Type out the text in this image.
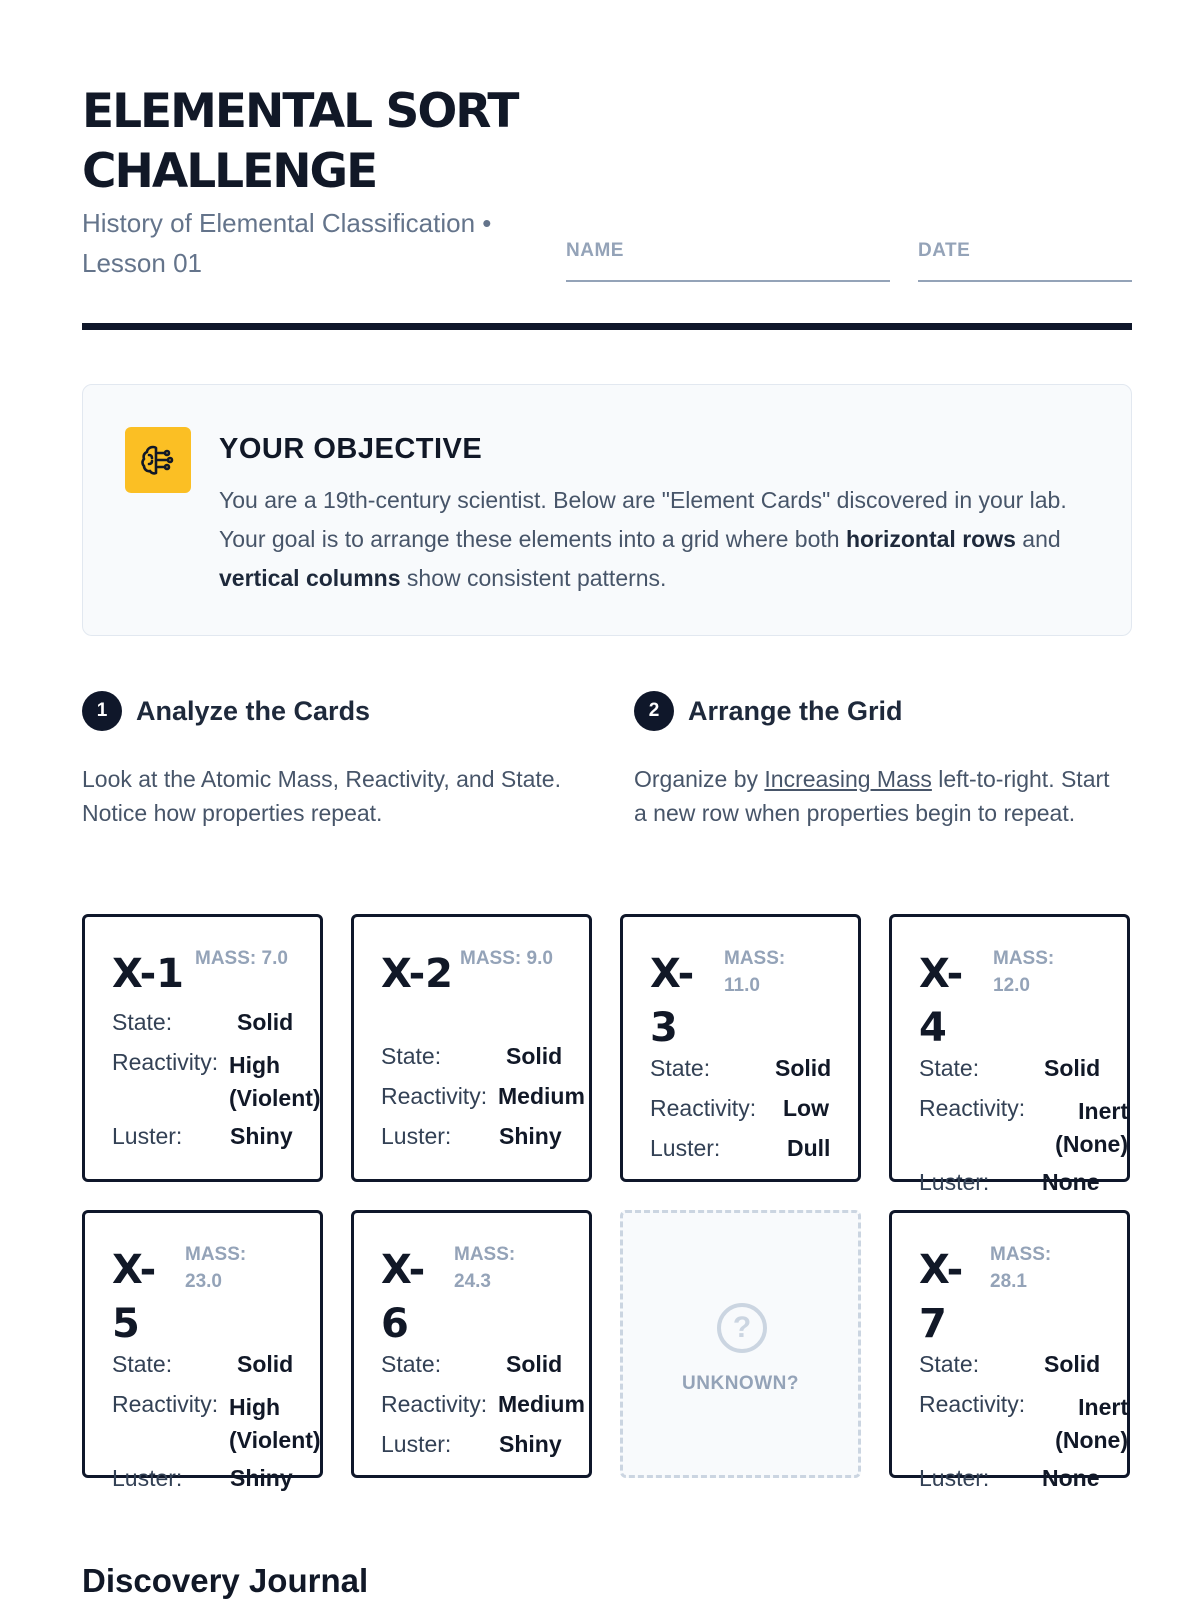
ELEMENTAL SORT CHALLENGE
History of Elemental Classification • Lesson 01	NAME	DATE
YOUR OBJECTIVE

You are a 19th-century scientist. Below are "Element Cards" discovered in your lab. Your goal is to arrange these elements into a grid where both horizontal rows and vertical columns show consistent patterns.

1	Analyze the Cards

Look at the Atomic Mass, Reactivity, and State. Notice how properties repeat.

2	Arrange the Grid

Organize by Increasing Mass left-to-right. Start a new row when properties begin to repeat.

X-1 MASS: 7.0
State:	Solid
Reactivity: High (Violent)
Luster: Shiny
X-2 MASS: 9.0
State:	Solid
Reactivity: Medium
Luster: Shiny
X-3
MASS: 11.0
State:	Solid
Reactivity: Low
Luster:	Dull
X-4
MASS: 12.0
State:	Solid
Reactivity:	Inert (None)
Luster: None
X-5
MASS: 23.0
State:	Solid
Reactivity: High (Violent)
Luster: Shiny
X-6
MASS: 24.3
State:	Solid
Reactivity: Medium
Luster: Shiny
?
UNKNOWN?
X-7
MASS: 28.1
State:	Solid
Reactivity:	Inert (None)
Luster: None
Discovery Journal
